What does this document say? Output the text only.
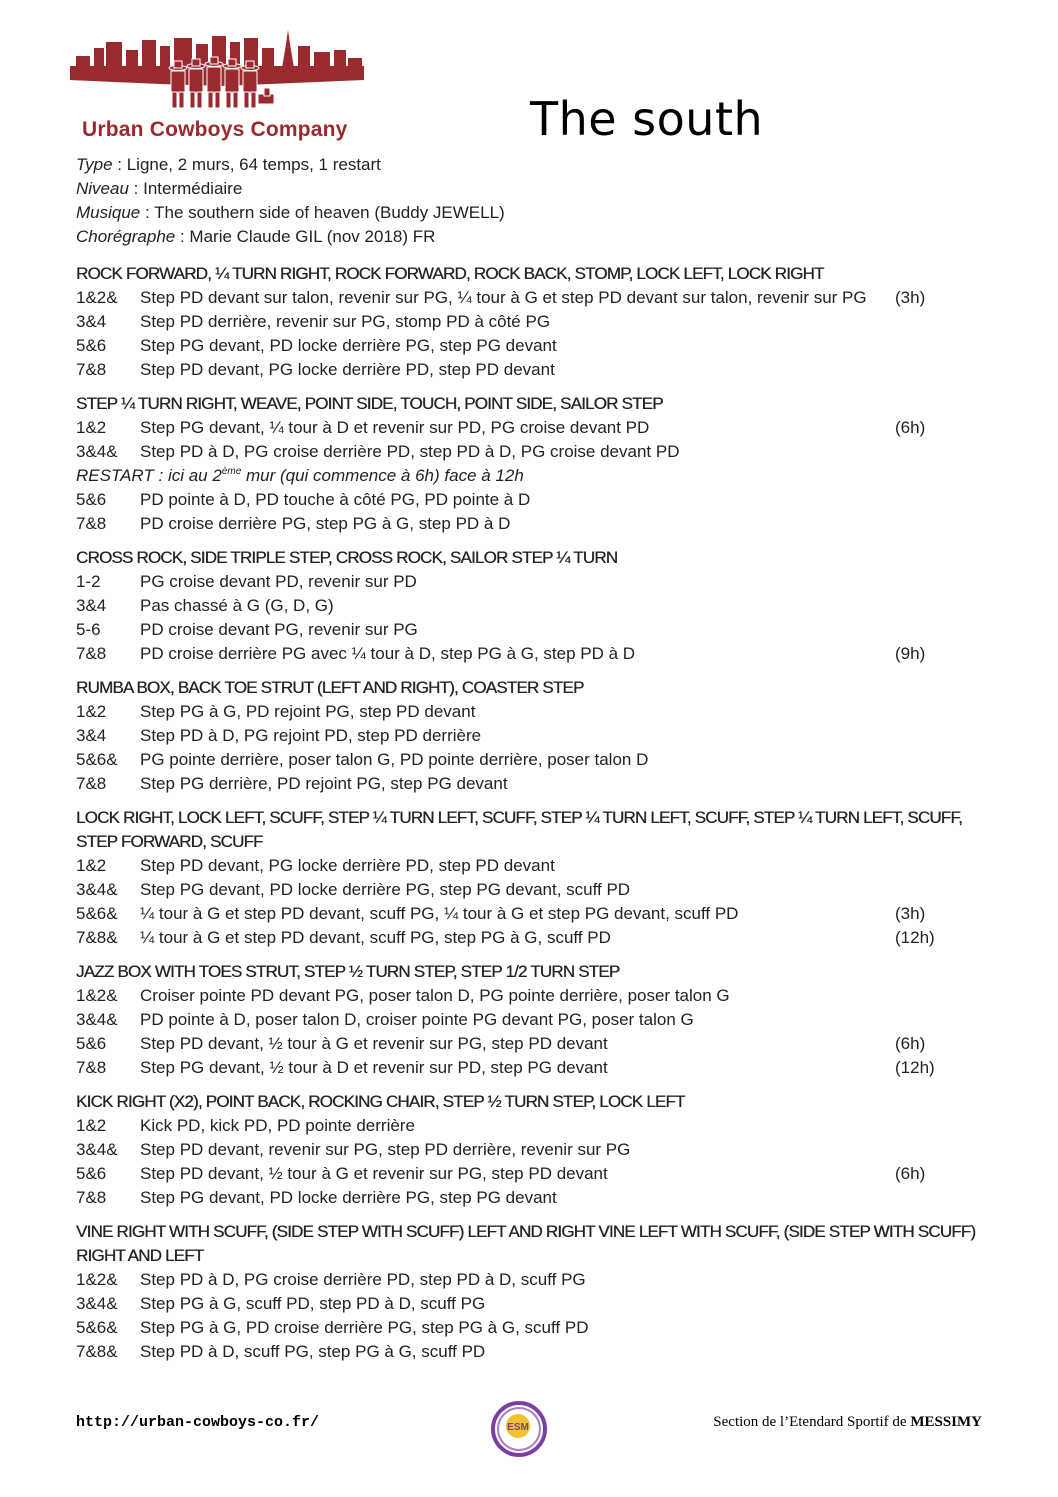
Urban Cowboys Company	The south
Type : Ligne, 2 murs, 64 temps, 1 restart
Niveau : Intermédiaire
Musique : The southern side of heaven (Buddy JEWELL)
Chorégraphe : Marie Claude GIL (nov 2018) FR
ROCK FORWARD, ¼ TURN RIGHT, ROCK FORWARD, ROCK BACK, STOMP, LOCK LEFT, LOCK RIGHT
1&2& Step PD devant sur talon, revenir sur PG, ¼ tour à G et step PD devant sur talon, revenir sur PG (3h)
3&4 Step PD derrière, revenir sur PG, stomp PD à côté PG
5&6 Step PG devant, PD locke derrière PG, step PG devant
7&8 Step PD devant, PG locke derrière PD, step PD devant
STEP ¼ TURN RIGHT, WEAVE, POINT SIDE, TOUCH, POINT SIDE, SAILOR STEP
1&2 Step PG devant, ¼ tour à D et revenir sur PD, PG croise devant PD	(6h)
3&4& Step PD à D, PG croise derrière PD, step PD à D, PG croise devant PD
RESTART : ici au 2ème mur (qui commence à 6h) face à 12h
5&6 PD pointe à D, PD touche à côté PG, PD pointe à D
7&8 PD croise derrière PG, step PG à G, step PD à D
CROSS ROCK, SIDE TRIPLE STEP, CROSS ROCK, SAILOR STEP ¼ TURN
1-2 PG croise devant PD, revenir sur PD
3&4 Pas chassé à G (G, D, G)
5-6 PD croise devant PG, revenir sur PG
7&8 PD croise derrière PG avec ¼ tour à D, step PG à G, step PD à D	(9h)
RUMBA BOX, BACK TOE STRUT (LEFT AND RIGHT), COASTER STEP
1&2 Step PG à G, PD rejoint PG, step PD devant
3&4 Step PD à D, PG rejoint PD, step PD derrière
5&6& PG pointe derrière, poser talon G, PD pointe derrière, poser talon D
7&8 Step PG derrière, PD rejoint PG, step PG devant
LOCK RIGHT, LOCK LEFT, SCUFF, STEP ¼ TURN LEFT, SCUFF, STEP ¼ TURN LEFT, SCUFF, STEP ¼ TURN LEFT, SCUFF,
STEP FORWARD, SCUFF
1&2 Step PD devant, PG locke derrière PD, step PD devant
3&4& Step PG devant, PD locke derrière PG, step PG devant, scuff PD
5&6& ¼ tour à G et step PD devant, scuff PG, ¼ tour à G et step PG devant, scuff PD	(3h)
7&8& ¼ tour à G et step PD devant, scuff PG, step PG à G, scuff PD	(12h)
JAZZ BOX WITH TOES STRUT, STEP ½ TURN STEP, STEP 1/2 TURN STEP
1&2& Croiser pointe PD devant PG, poser talon D, PG pointe derrière, poser talon G
3&4& PD pointe à D, poser talon D, croiser pointe PG devant PG, poser talon G
5&6 Step PD devant, ½ tour à G et revenir sur PG, step PD devant	(6h)
7&8 Step PG devant, ½ tour à D et revenir sur PD, step PG devant	(12h)
KICK RIGHT (X2), POINT BACK, ROCKING CHAIR, STEP ½ TURN STEP, LOCK LEFT
1&2 Kick PD, kick PD, PD pointe derrière
3&4& Step PD devant, revenir sur PG, step PD derrière, revenir sur PG
5&6 Step PD devant, ½ tour à G et revenir sur PG, step PD devant	(6h)
7&8 Step PG devant, PD locke derrière PG, step PG devant
VINE RIGHT WITH SCUFF, (SIDE STEP WITH SCUFF) LEFT AND RIGHT VINE LEFT WITH SCUFF, (SIDE STEP WITH SCUFF)
RIGHT AND LEFT
1&2& Step PD à D, PG croise derrière PD, step PD à D, scuff PG
3&4& Step PG à G, scuff PD, step PD à D, scuff PG
5&6& Step PG à G, PD croise derrière PG, step PG à G, scuff PD
7&8& Step PD à D, scuff PG, step PG à G, scuff PD
http://urban-cowboys-co.fr/	ESM	Section de l’Etendard Sportif de MESSIMY
